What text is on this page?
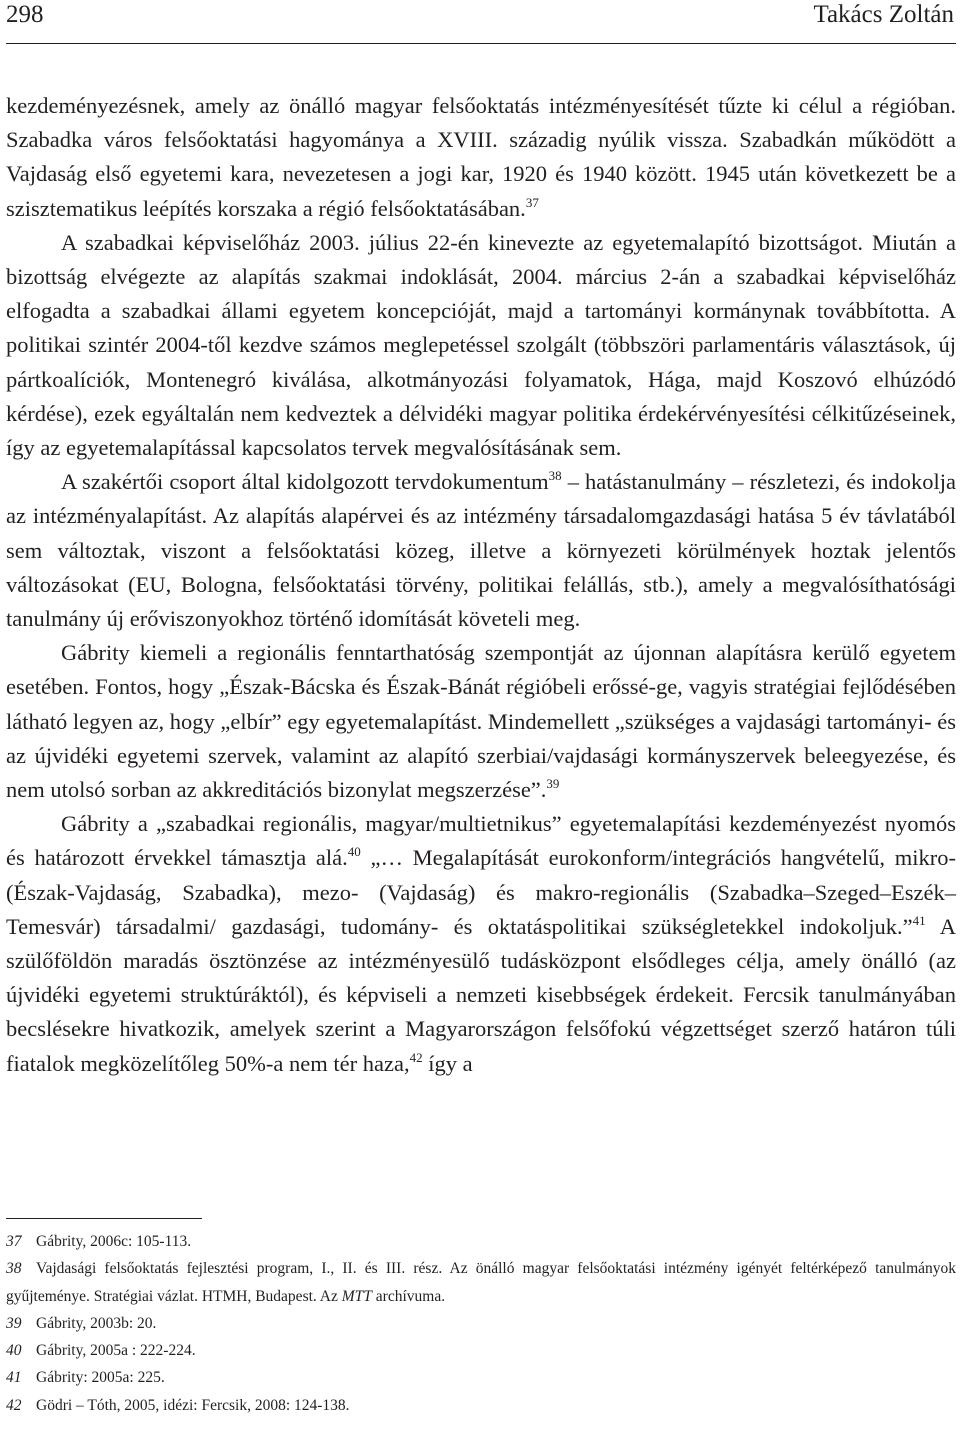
298	Takács Zoltán

kezdeményezésnek, amely az önálló magyar felsőoktatás intézményesítését tűzte ki célul a régióban. Szabadka város felsőoktatási hagyománya a XVIII. századig nyúlik vissza. Szabadkán működött a Vajdaság első egyetemi kara, nevezetesen a jogi kar, 1920 és 1940 között. 1945 után következett be a szisztematikus leépítés korszaka a régió felsőoktatásában.$^{37}$

A szabadkai képviselőház 2003. július 22-én kinevezte az egyetemalapító bizottságot. Miután a bizottság elvégezte az alapítás szakmai indoklását, 2004. március 2-án a szabadkai képviselőház elfogadta a szabadkai állami egyetem koncepcióját, majd a tartományi kormánynak továbbította. A politikai szintér 2004-től kezdve számos meglepetéssel szolgált (többszöri parlamentáris választások, új pártkoalíciók, Montenegró kiválása, alkotmányozási folyamatok, Hága, majd Koszovó elhúzódó kérdése), ezek egyáltalán nem kedveztek a délvidéki magyar politika érdekérvényesítési célkitűzéseinek, így az egyetemalapítással kapcsolatos tervek megvalósításának sem.

A szakértői csoport által kidolgozott tervdokumentum$^{38}$ – hatástanulmány – részletezi, és indokolja az intézményalapítást. Az alapítás alapérvei és az intézmény társadalomgazdasági hatása 5 év távlatából sem változtak, viszont a felsőoktatási közeg, illetve a környezeti körülmények hoztak jelentős változásokat (EU, Bologna, felsőoktatási törvény, politikai felállás, stb.), amely a megvalósíthatósági tanulmány új erőviszonyokhoz történő idomítását követeli meg.

Gábrity kiemeli a regionális fenntarthatóság szempontját az újonnan alapításra kerülő egyetem esetében. Fontos, hogy „Észak-Bácska és Észak-Bánát régióbeli erőssé-ge, vagyis stratégiai fejlődésében látható legyen az, hogy „elbír” egy egyetemalapítást. Mindemellett „szükséges a vajdasági tartományi- és az újvidéki egyetemi szervek, valamint az alapító szerbiai/vajdasági kormányszervek beleegyezése, és nem utolsó sorban az akkreditációs bizonylat megszerzése”.$^{39}$

Gábrity a „szabadkai regionális, magyar/multietnikus” egyetemalapítási kezdeményezést nyomós és határozott érvekkel támasztja alá.$^{40}$ „… Megalapítását eurokonform/integrációs hangvételű, mikro- (Észak-Vajdaság, Szabadka), mezo- (Vajdaság) és makro-regionális (Szabadka–Szeged–Eszék–Temesvár) társadalmi/ gazdasági, tudomány- és oktatáspolitikai szükségletekkel indokoljuk.”$^{41}$ A szülőföldön maradás ösztönzése az intézményesülő tudásközpont elsődleges célja, amely önálló (az újvidéki egyetemi struktúráktól), és képviseli a nemzeti kisebbségek érdekeit. Fercsik tanulmányában becslésekre hivatkozik, amelyek szerint a Magyarországon felsőfokú végzettséget szerző határon túli fiatalok megközelítőleg 50%-a nem tér haza,$^{42}$ így a

37 Gábrity, 2006c: 105-113.
38 Vajdasági felsőoktatás fejlesztési program, I., II. és III. rész. Az önálló magyar felsőoktatási intézmény igényét feltérképező tanulmányok gyűjteménye. Stratégiai vázlat. HTMH, Budapest. Az MTT archívuma.
39 Gábrity, 2003b: 20.
40 Gábrity, 2005a : 222-224.
41 Gábrity: 2005a: 225.
42 Gödri – Tóth, 2005, idézi: Fercsik, 2008: 124-138.
